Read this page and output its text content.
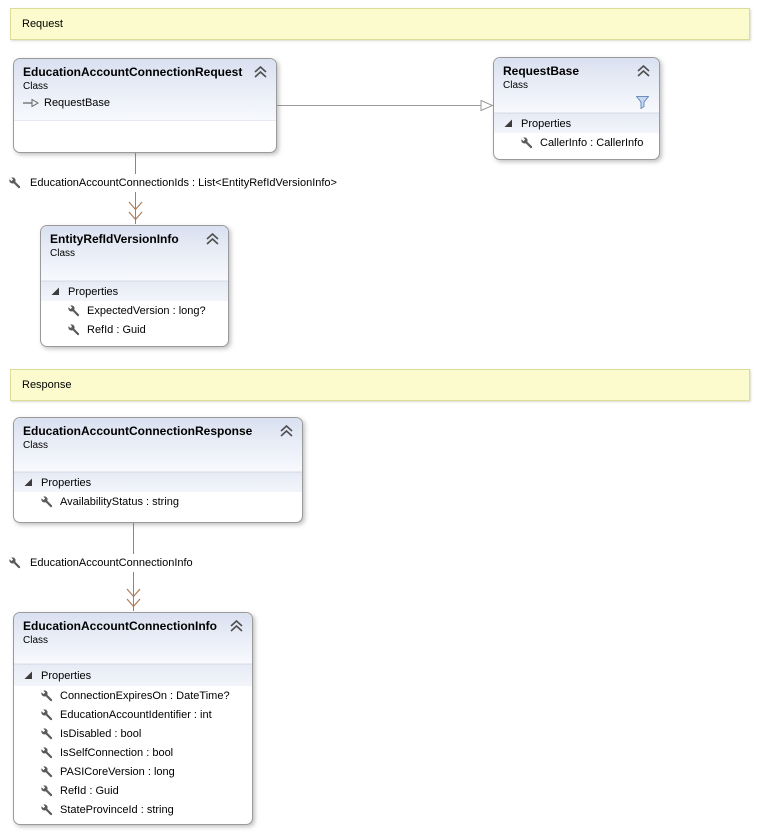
Request
Response
EducationAccountConnectionIds : List<EntityRefIdVersionInfo>
EducationAccountConnectionInfo
EducationAccountConnectionRequest
Class
RequestBase
RequestBase
Class
Properties
CallerInfo : CallerInfo
EntityRefIdVersionInfo
Class
Properties
ExpectedVersion : long?
RefId : Guid
EducationAccountConnectionResponse
Class
Properties
AvailabilityStatus : string
EducationAccountConnectionInfo
Class
Properties
ConnectionExpiresOn : DateTime?
EducationAccountIdentifier : int
IsDisabled : bool
IsSelfConnection : bool
PASICoreVersion : long
RefId : Guid
StateProvinceId : string
